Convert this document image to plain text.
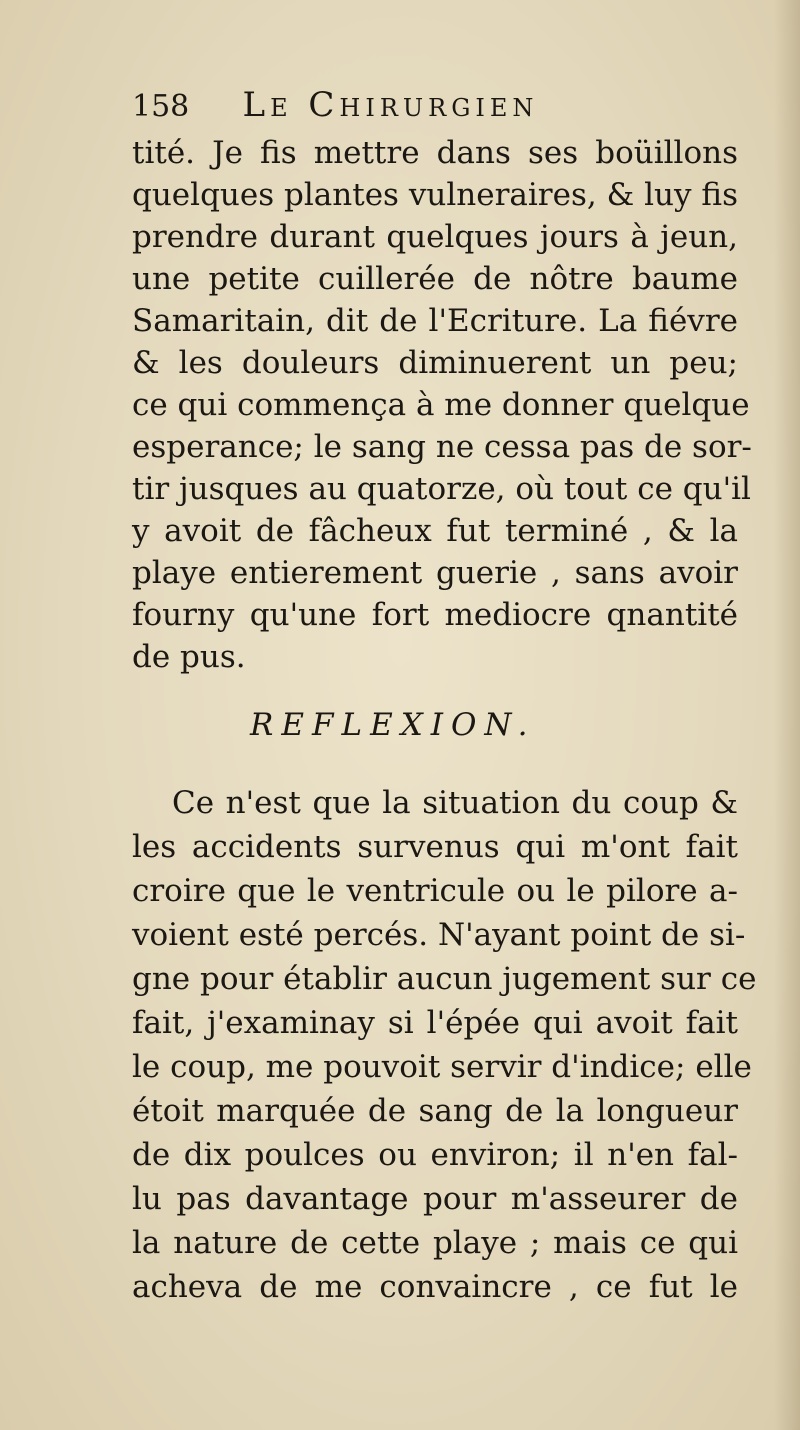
158 Le Chirurgien
tité. Je fis mettre dans ses boüillons
quelques plantes vulneraires, & luy fis
prendre durant quelques jours à jeun,
une petite cuillerée de nôtre baume
Samaritain, dit de l'Ecriture. La fiévre
& les douleurs diminuerent un peu;
ce qui commença à me donner quelque
esperance; le sang ne cessa pas de sor-
tir jusques au quatorze, où tout ce qu'il
y avoit de fâcheux fut terminé , & la
playe entierement guerie , sans avoir
fourny qu'une fort mediocre qnantité
de pus.
REFLEXION.
Ce n'est que la situation du coup &
les accidents survenus qui m'ont fait
croire que le ventricule ou le pilore a-
voient esté percés. N'ayant point de si-
gne pour établir aucun jugement sur ce
fait, j'examinay si l'épée qui avoit fait
le coup, me pouvoit servir d'indice; elle
étoit marquée de sang de la longueur
de dix poulces ou environ; il n'en fal-
lu pas davantage pour m'asseurer de
la nature de cette playe ; mais ce qui
acheva de me convaincre , ce fut le
